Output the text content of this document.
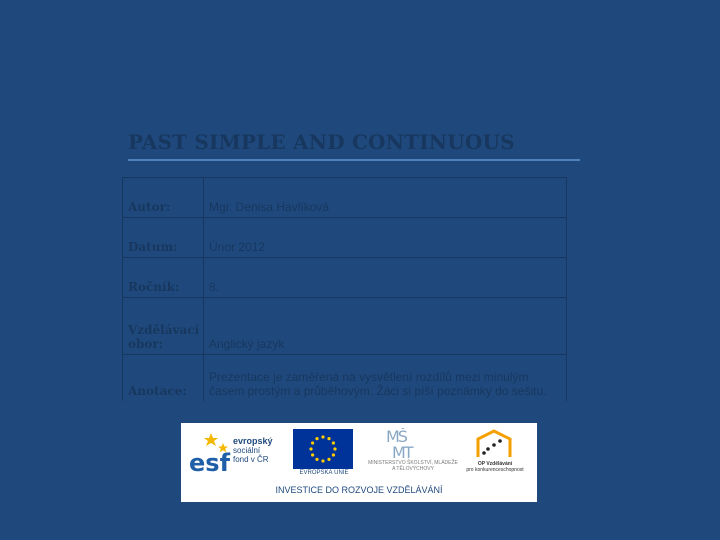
PAST SIMPLE AND CONTINUOUS
Autor:	Mgr. Denisa Havlíková
Datum:	Únor 2012
Ročník:	8.
Vzdělávací obor:	Anglický jazyk
Anotace:	Prezentace je zaměřená na vysvětlení rozdílů mezi minulým časem prostým a průběhovým. Žáci si píší poznámky do sešitu.
esf
evropský
sociální
fond v ČR
EVROPSKÁ UNIE
MŠ
MT
MINISTERSTVO ŠKOLSTVÍ, MLÁDEŽE A TĚLOVÝCHOVY
OP Vzdělávání
pro konkurenceschopnost
INVESTICE DO ROZVOJE VZDĚLÁVÁNÍ
